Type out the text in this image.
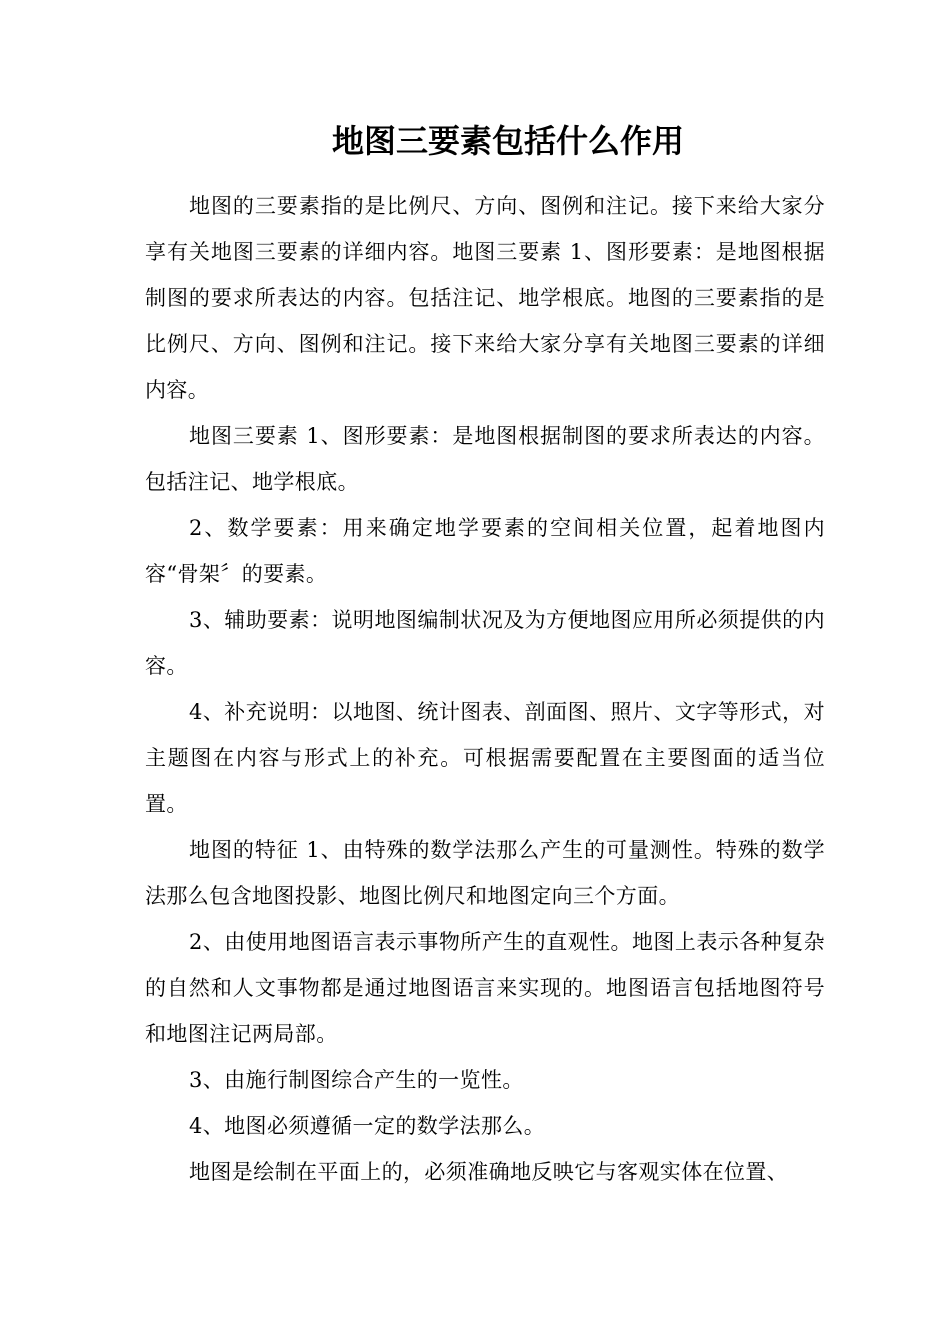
地图三要素包括什么作用

地图的三要素指的是比例尺、方向、图例和注记。接下来给大家分享有关地图三要素的详细内容。地图三要素 1、图形要素：是地图根据制图的要求所表达的内容。包括注记、地学根底。地图的三要素指的是比例尺、方向、图例和注记。接下来给大家分享有关地图三要素的详细内容。

地图三要素 1、图形要素：是地图根据制图的要求所表达的内容。包括注记、地学根底。

2、数学要素：用来确定地学要素的空间相关位置，起着地图内容“骨架〞的要素。

3、辅助要素：说明地图编制状况及为方便地图应用所必须提供的内容。

4、补充说明：以地图、统计图表、剖面图、照片、文字等形式，对主题图在内容与形式上的补充。可根据需要配置在主要图面的适当位置。

地图的特征 1、由特殊的数学法那么产生的可量测性。特殊的数学法那么包含地图投影、地图比例尺和地图定向三个方面。

2、由使用地图语言表示事物所产生的直观性。地图上表示各种复杂的自然和人文事物都是通过地图语言来实现的。地图语言包括地图符号和地图注记两局部。

3、由施行制图综合产生的一览性。

4、地图必须遵循一定的数学法那么。

地图是绘制在平面上的，必须准确地反映它与客观实体在位置、
